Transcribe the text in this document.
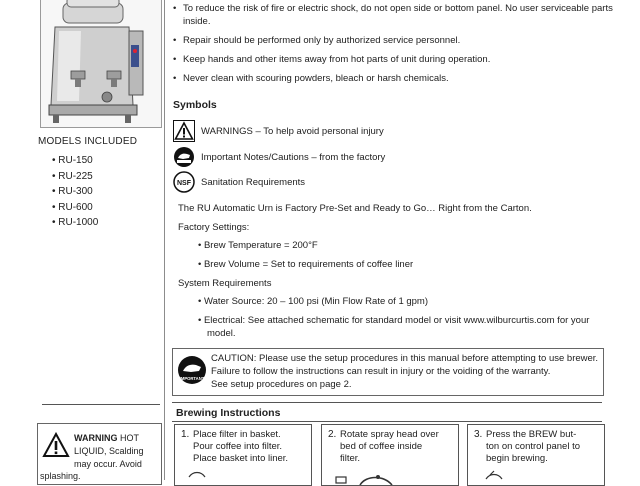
MODELS INCLUDED
• RU-150
• RU-225
• RU-300
• RU-600
• RU-1000
WARNING HOT
LIQUID, Scalding
may occur. Avoid
splashing.
• To reduce the risk of fire or electric shock, do not open side or bottom panel. No user serviceable parts inside.
• Repair should be performed only by authorized service personnel.
• Keep hands and other items away from hot parts of unit during operation.
• Never clean with scouring powders, bleach or harsh chemicals.
Symbols
WARNINGS – To help avoid personal injury
Important Notes/Cautions – from the factory
NSF Sanitation Requirements
The RU Automatic Urn is Factory Pre-Set and Ready to Go… Right from the Carton.
Factory Settings:
• Brew Temperature = 200°F
• Brew Volume = Set to requirements of coffee liner
System Requirements
• Water Source: 20 – 100 psi (Min Flow Rate of 1 gpm)
• Electrical: See attached schematic for standard model or visit www.wilburcurtis.com for your
model.
IMPORTANT
CAUTION: Please use the setup procedures in this manual before attempting to use brewer.
Failure to follow the instructions can result in injury or the voiding of the warranty.
See setup procedures on page 2.
Brewing Instructions
1. Place filter in basket.
Pour coffee into filter.
Place basket into liner.
2. Rotate spray head over
bed of coffee inside
filter.
3. Press the BREW but-
ton on control panel to
begin brewing.
